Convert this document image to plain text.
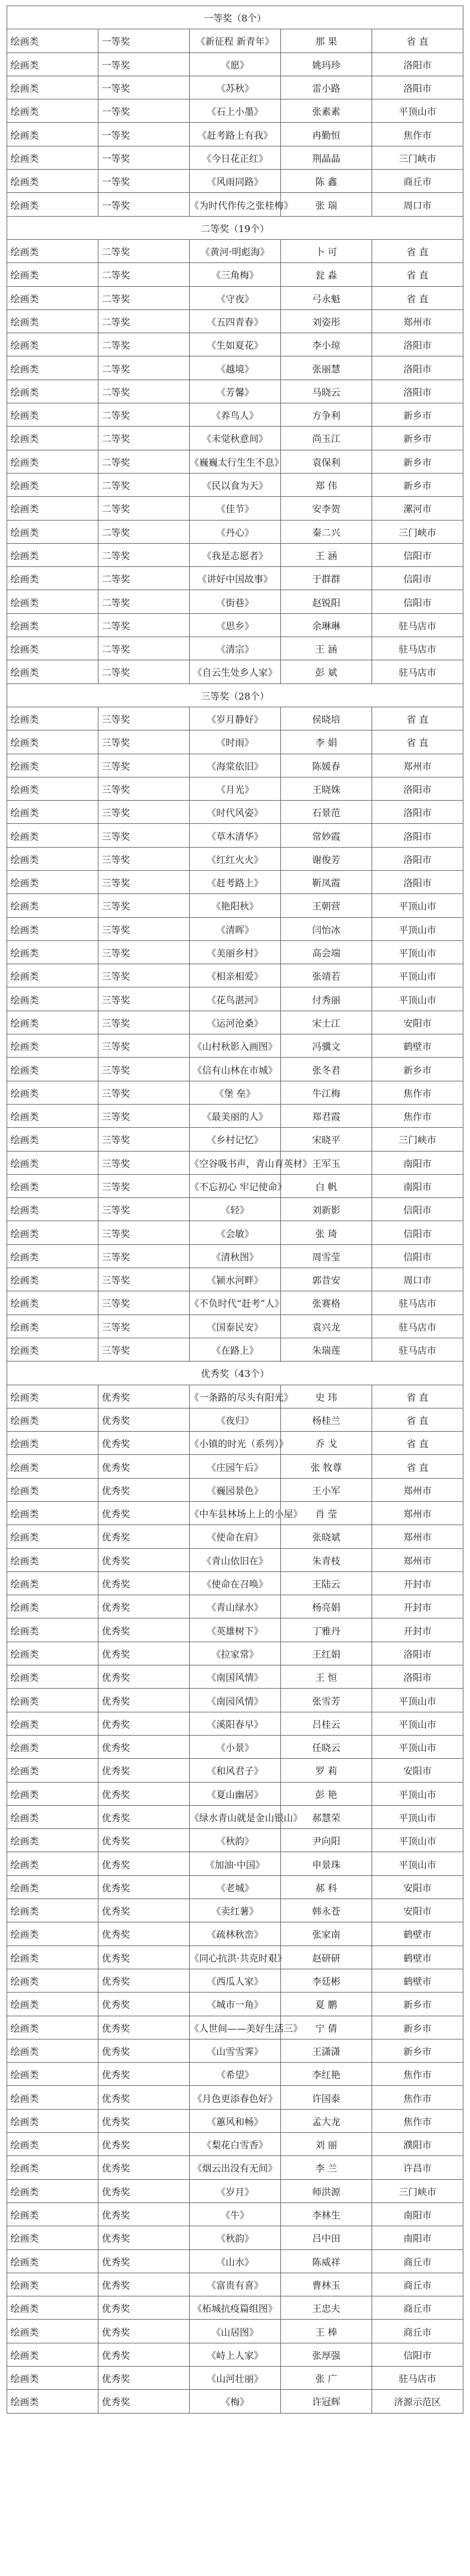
一等奖（8个）				
绘画类	一等奖	《新征程 新青年》	那 果	省 直
绘画类	一等奖	《愿》	姚玛珍	洛阳市
绘画类	一等奖	《苏秋》	雷小路	洛阳市
绘画类	一等奖	《石上小墨》	张素素	平顶山市
绘画类	一等奖	《赶考路上有我》	冉勤恒	焦作市
绘画类	一等奖	《今日花正红》	荆晶晶	三门峡市
绘画类	一等奖	《风雨同路》	陈 鑫	商丘市
绘画类	一等奖	《为时代作传之张桂梅》	张 瑞	周口市
二等奖（19个）				
绘画类	二等奖	《黄河·明彪海》	卜 可	省 直
绘画类	二等奖	《三角梅》	瓮 淼	省 直
绘画类	二等奖	《守夜》	弓永魁	省 直
绘画类	二等奖	《五四青春》	刘姿彤	郑州市
绘画类	二等奖	《生如夏花》	李小琼	洛阳市
绘画类	二等奖	《越境》	张丽慧	洛阳市
绘画类	二等奖	《芳馨》	马晓云	洛阳市
绘画类	二等奖	《养鸟人》	方争利	新乡市
绘画类	二等奖	《未觉秋意间》	尚玉江	新乡市
绘画类	二等奖	《巍巍太行生生不息》	袁保利	新乡市
绘画类	二等奖	《民以食为天》	郑 伟	新乡市
绘画类	二等奖	《佳节》	安李贺	漯河市
绘画类	二等奖	《丹心》	秦二兴	三门峡市
绘画类	二等奖	《我是志愿者》	王 涵	信阳市
绘画类	二等奖	《讲好中国故事》	于群群	信阳市
绘画类	二等奖	《街巷》	赵锐阳	信阳市
绘画类	二等奖	《思乡》	余琳琳	驻马店市
绘画类	二等奖	《清宗》	王 涵	驻马店市
绘画类	二等奖	《自云生处乡人家》	彭 斌	驻马店市
三等奖（28个）				
绘画类	三等奖	《岁月静好》	侯晓培	省 直
绘画类	三等奖	《时雨》	李 娟	省 直
绘画类	三等奖	《海棠依旧》	陈媛春	郑州市
绘画类	三等奖	《月光》	王晓姝	洛阳市
绘画类	三等奖	《时代风姿》	石景范	洛阳市
绘画类	三等奖	《草木清华》	常妙霞	洛阳市
绘画类	三等奖	《红红火火》	谢俊芳	洛阳市
绘画类	三等奖	《赶考路上》	靳凤霞	洛阳市
绘画类	三等奖	《艳阳秋》	王朝营	平顶山市
绘画类	三等奖	《清晖》	闫怡冰	平顶山市
绘画类	三等奖	《美丽乡村》	高会端	平顶山市
绘画类	三等奖	《相亲相爱》	张靖若	平顶山市
绘画类	三等奖	《花鸟湛河》	付秀丽	平顶山市
绘画类	三等奖	《运河沧桑》	宋士江	安阳市
绘画类	三等奖	《山村秋影入画图》	冯骥文	鹤壁市
绘画类	三等奖	《信有山林在市城》	张冬君	新乡市
绘画类	三等奖	《堡 垒》	牛江梅	焦作市
绘画类	三等奖	《最美丽的人》	郑君霞	焦作市
绘画类	三等奖	《乡村记忆》	宋晓平	三门峡市
绘画类	三等奖	《空谷吸书声，青山育英材》	王军玉	南阳市
绘画类	三等奖	《不忘初心 牢记使命》	白 帆	南阳市
绘画类	三等奖	《轻》	刘新影	信阳市
绘画类	三等奖	《会敏》	张 琦	信阳市
绘画类	三等奖	《清秋图》	周雪莹	信阳市
绘画类	三等奖	《颍水河畔》	郭昔安	周口市
绘画类	三等奖	《不负时代“赶考”人》	张赛格	驻马店市
绘画类	三等奖	《国泰民安》	袁兴龙	驻马店市
绘画类	三等奖	《在路上》	朱瑞莲	驻马店市
优秀奖（43个）				
绘画类	优秀奖	《一条路的尽头有阳光》	史 玮	省 直
绘画类	优秀奖	《夜归》	杨桂兰	省 直
绘画类	优秀奖	《小镇的时光（系列）》	乔 戈	省 直
绘画类	优秀奖	《庄园午后》	张 牧尊	省 直
绘画类	优秀奖	《巍园景色》	王小军	郑州市
绘画类	优秀奖	《中车县林场上上的小屋》	肖 莹	郑州市
绘画类	优秀奖	《使命在肩》	张晓斌	郑州市
绘画类	优秀奖	《青山依旧在》	朱青枝	郑州市
绘画类	优秀奖	《使命在召唤》	王陆云	开封市
绘画类	优秀奖	《青山绿水》	杨亮娟	开封市
绘画类	优秀奖	《英雄树下》	丁雅丹	开封市
绘画类	优秀奖	《拉家常》	王红娟	洛阳市
绘画类	优秀奖	《南国风情》	王 恒	洛阳市
绘画类	优秀奖	《南园风情》	张雪芳	平顶山市
绘画类	优秀奖	《溪阳春早》	吕桂云	平顶山市
绘画类	优秀奖	《小景》	任晓云	平顶山市
绘画类	优秀奖	《和风君子》	罗 莉	安阳市
绘画类	优秀奖	《夏山幽居》	彭 艳	平顶山市
绘画类	优秀奖	《绿水青山就是金山银山》	郝慧荣	平顶山市
绘画类	优秀奖	《秋韵》	尹向阳	平顶山市
绘画类	优秀奖	《加油·中国》	申景珠	平顶山市
绘画类	优秀奖	《老城》	郝 科	安阳市
绘画类	优秀奖	《卖红薯》	韩永苍	安阳市
绘画类	优秀奖	《疏林秋峦》	张家南	鹤壁市
绘画类	优秀奖	《同心抗洪·共克时艰》	赵研研	鹤壁市
绘画类	优秀奖	《西瓜人家》	李廷彬	鹤壁市
绘画类	优秀奖	《城市一角》	夏 鹏	新乡市
绘画类	优秀奖	《人世间——美好生活三》	宁 倩	新乡市
绘画类	优秀奖	《山雪雪霁》	王潇潇	新乡市
绘画类	优秀奖	《希望》	李红艳	焦作市
绘画类	优秀奖	《月色更添春色好》	许国泰	焦作市
绘画类	优秀奖	《蕙风和畅》	孟大龙	焦作市
绘画类	优秀奖	《梨花白雪香》	刘 丽	濮阳市
绘画类	优秀奖	《烟云出没有无间》	李 兰	许昌市
绘画类	优秀奖	《岁月》	师洪源	三门峡市
绘画类	优秀奖	《牛》	李林生	南阳市
绘画类	优秀奖	《秋韵》	吕中田	南阳市
绘画类	优秀奖	《山水》	陈威祥	商丘市
绘画类	优秀奖	《富贵有喜》	曹林玉	商丘市
绘画类	优秀奖	《柘城抗疫篇组图》	王忠夫	商丘市
绘画类	优秀奖	《山居图》	王 棒	商丘市
绘画类	优秀奖	《峙上人家》	张厚强	信阳市
绘画类	优秀奖	《山河壮丽》	张 广	驻马店市
绘画类	优秀奖	《梅》	许冠辉	济源示范区
